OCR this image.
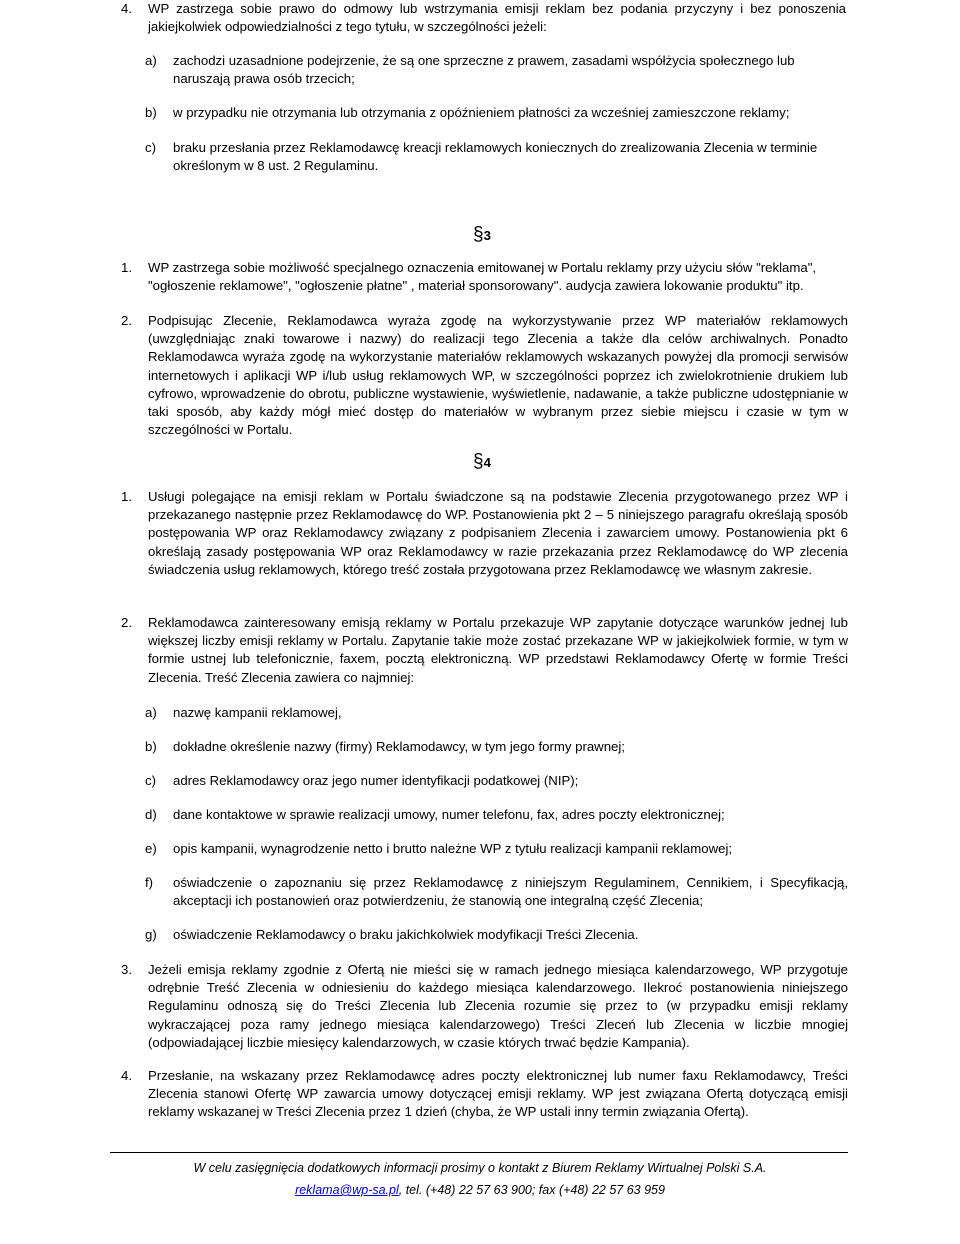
4. WP zastrzega sobie prawo do odmowy lub wstrzymania emisji reklam bez podania przyczyny i bez ponoszenia jakiejkolwiek odpowiedzialności z tego tytułu, w szczególności jeżeli:

a) zachodzi uzasadnione podejrzenie, że są one sprzeczne z prawem, zasadami współżycia społecznego lub naruszają prawa osób trzecich;

b) w przypadku nie otrzymania lub otrzymania z opóźnieniem płatności za wcześniej zamieszczone reklamy;

c) braku przesłania przez Reklamodawcę kreacji reklamowych koniecznych do zrealizowania Zlecenia w terminie określonym w 8 ust. 2 Regulaminu.

§3
1. WP zastrzega sobie możliwość specjalnego oznaczenia emitowanej w Portalu reklamy przy użyciu słów "reklama", "ogłoszenie reklamowe", "ogłoszenie płatne" , materiał sponsorowany". audycja zawiera lokowanie produktu" itp.

2. Podpisując Zlecenie, Reklamodawca wyraża zgodę na wykorzystywanie przez WP materiałów reklamowych (uwzględniając znaki towarowe i nazwy) do realizacji tego Zlecenia a także dla celów archiwalnych. Ponadto Reklamodawca wyraża zgodę na wykorzystanie materiałów reklamowych wskazanych powyżej dla promocji serwisów internetowych i aplikacji WP i/lub usług reklamowych WP, w szczególności poprzez ich zwielokrotnienie drukiem lub cyfrowo, wprowadzenie do obrotu, publiczne wystawienie, wyświetlenie, nadawanie, a także publiczne udostępnianie w taki sposób, aby każdy mógł mieć dostęp do materiałów w wybranym przez siebie miejscu i czasie w tym w szczególności w Portalu.

§4
1. Usługi polegające na emisji reklam w Portalu świadczone są na podstawie Zlecenia przygotowanego przez WP i przekazanego następnie przez Reklamodawcę do WP. Postanowienia pkt 2 – 5 niniejszego paragrafu określają sposób postępowania WP oraz Reklamodawcy związany z podpisaniem Zlecenia i zawarciem umowy. Postanowienia pkt 6 określają zasady postępowania WP oraz Reklamodawcy w razie przekazania przez Reklamodawcę do WP zlecenia świadczenia usług reklamowych, którego treść została przygotowana przez Reklamodawcę we własnym zakresie.

2. Reklamodawca zainteresowany emisją reklamy w Portalu przekazuje WP zapytanie dotyczące warunków jednej lub większej liczby emisji reklamy w Portalu. Zapytanie takie może zostać przekazane WP w jakiejkolwiek formie, w tym w formie ustnej lub telefonicznie, faxem, pocztą elektroniczną. WP przedstawi Reklamodawcy Ofertę w formie Treści Zlecenia. Treść Zlecenia zawiera co najmniej:

a) nazwę kampanii reklamowej,

b) dokładne określenie nazwy (firmy) Reklamodawcy, w tym jego formy prawnej;

c) adres Reklamodawcy oraz jego numer identyfikacji podatkowej (NIP);

d) dane kontaktowe w sprawie realizacji umowy, numer telefonu, fax, adres poczty elektronicznej;

e) opis kampanii, wynagrodzenie netto i brutto należne WP z tytułu realizacji kampanii reklamowej;

f) oświadczenie o zapoznaniu się przez Reklamodawcę z niniejszym Regulaminem, Cennikiem, i Specyfikacją, akceptacji ich postanowień oraz potwierdzeniu, że stanowią one integralną część Zlecenia;

g) oświadczenie Reklamodawcy o braku jakichkolwiek modyfikacji Treści Zlecenia.

3. Jeżeli emisja reklamy zgodnie z Ofertą nie mieści się w ramach jednego miesiąca kalendarzowego, WP przygotuje odrębnie Treść Zlecenia w odniesieniu do każdego miesiąca kalendarzowego. Ilekroć postanowienia niniejszego Regulaminu odnoszą się do Treści Zlecenia lub Zlecenia rozumie się przez to (w przypadku emisji reklamy wykraczającej poza ramy jednego miesiąca kalendarzowego) Treści Zleceń lub Zlecenia w liczbie mnogiej (odpowiadającej liczbie miesięcy kalendarzowych, w czasie których trwać będzie Kampania).

4. Przesłanie, na wskazany przez Reklamodawcę adres poczty elektronicznej lub numer faxu Reklamodawcy, Treści Zlecenia stanowi Ofertę WP zawarcia umowy dotyczącej emisji reklamy. WP jest związana Ofertą dotyczącą emisji reklamy wskazanej w Treści Zlecenia przez 1 dzień (chyba, że WP ustali inny termin związania Ofertą).

W celu zasięgnięcia dodatkowych informacji prosimy o kontakt z Biurem Reklamy Wirtualnej Polski S.A.
reklama@wp-sa.pl, tel. (+48) 22 57 63 900; fax (+48) 22 57 63 959
